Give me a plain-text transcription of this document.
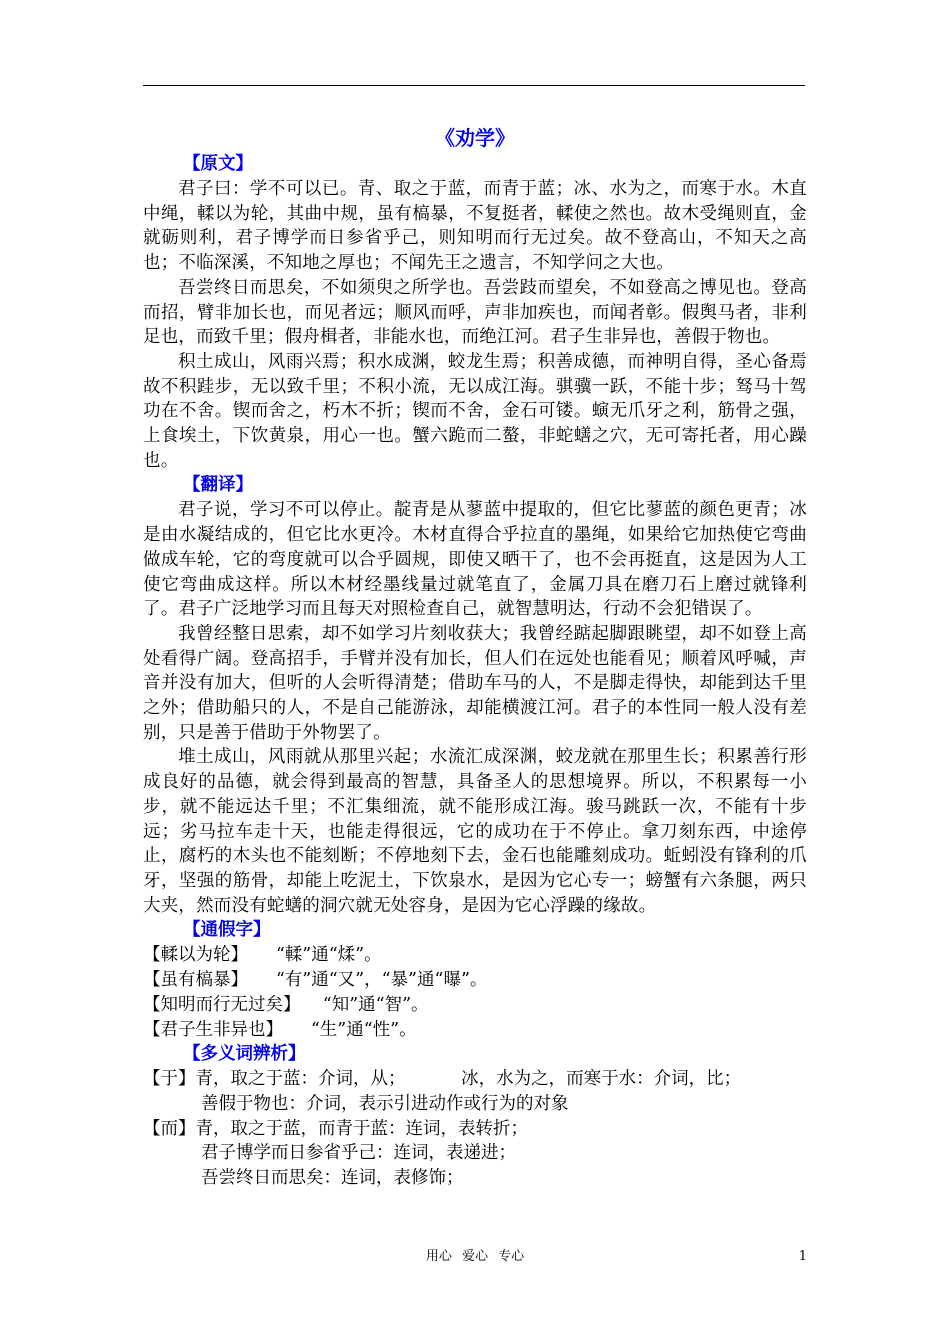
《劝学》
【原文】

君子曰：学不可以已。青、取之于蓝，而青于蓝；冰、水为之，而寒于水。木直中绳，輮以为轮，其曲中规，虽有槁暴，不复挺者，輮使之然也。故木受绳则直，金就砺则利，君子博学而日参省乎己，则知明而行无过矣。故不登高山，不知天之高也；不临深溪，不知地之厚也；不闻先王之遗言，不知学问之大也。

吾尝终日而思矣，不如须臾之所学也。吾尝跂而望矣，不如登高之博见也。登高而招，臂非加长也，而见者远；顺风而呼，声非加疾也，而闻者彰。假舆马者，非利足也，而致千里；假舟楫者，非能水也，而绝江河。君子生非异也，善假于物也。

积土成山，风雨兴焉；积水成渊，蛟龙生焉；积善成德，而神明自得，圣心备焉故不积跬步，无以致千里；不积小流，无以成江海。骐骥一跃，不能十步；驽马十驾功在不舍。锲而舍之，朽木不折；锲而不舍，金石可镂。螾无爪牙之利，筋骨之强，上食埃土，下饮黄泉，用心一也。蟹六跪而二螯，非蛇蟮之穴，无可寄托者，用心躁也。

【翻译】

君子说，学习不可以停止。靛青是从蓼蓝中提取的，但它比蓼蓝的颜色更青；冰是由水凝结成的，但它比水更冷。木材直得合乎拉直的墨绳，如果给它加热使它弯曲做成车轮，它的弯度就可以合乎圆规，即使又晒干了，也不会再挺直，这是因为人工使它弯曲成这样。所以木材经墨线量过就笔直了，金属刀具在磨刀石上磨过就锋利了。君子广泛地学习而且每天对照检查自己，就智慧明达，行动不会犯错误了。

我曾经整日思索，却不如学习片刻收获大；我曾经踮起脚跟眺望，却不如登上高处看得广阔。登高招手，手臂并没有加长，但人们在远处也能看见；顺着风呼喊，声音并没有加大，但听的人会听得清楚；借助车马的人，不是脚走得快，却能到达千里之外；借助船只的人，不是自己能游泳，却能横渡江河。君子的本性同一般人没有差别，只是善于借助于外物罢了。

堆土成山，风雨就从那里兴起；水流汇成深渊，蛟龙就在那里生长；积累善行形成良好的品德，就会得到最高的智慧，具备圣人的思想境界。所以，不积累每一小步，就不能远达千里；不汇集细流，就不能形成江海。骏马跳跃一次，不能有十步远；劣马拉车走十天，也能走得很远，它的成功在于不停止。拿刀刻东西，中途停止，腐朽的木头也不能刻断；不停地刻下去，金石也能雕刻成功。蚯蚓没有锋利的爪牙，坚强的筋骨，却能上吃泥土，下饮泉水，是因为它心专一；螃蟹有六条腿，两只大夹，然而没有蛇蟮的洞穴就无处容身，是因为它心浮躁的缘故。

【通假字】

【輮以为轮】     “輮”通“煣”。

【虽有槁暴】     “有”通“又”，“暴”通“曝”。

【知明而行无过矣】    “知”通“智”。

【君子生非异也】     “生”通“性”。

【多义词辨析】

【于】青，取之于蓝：介词，从；          冰，水为之，而寒于水：介词，比；

善假于物也：介词，表示引进动作或行为的对象

【而】青，取之于蓝，而青于蓝：连词，表转折；

君子博学而日参省乎己：连词，表递进；

吾尝终日而思矣：连词，表修饰；

用心 爱心 专心	1
